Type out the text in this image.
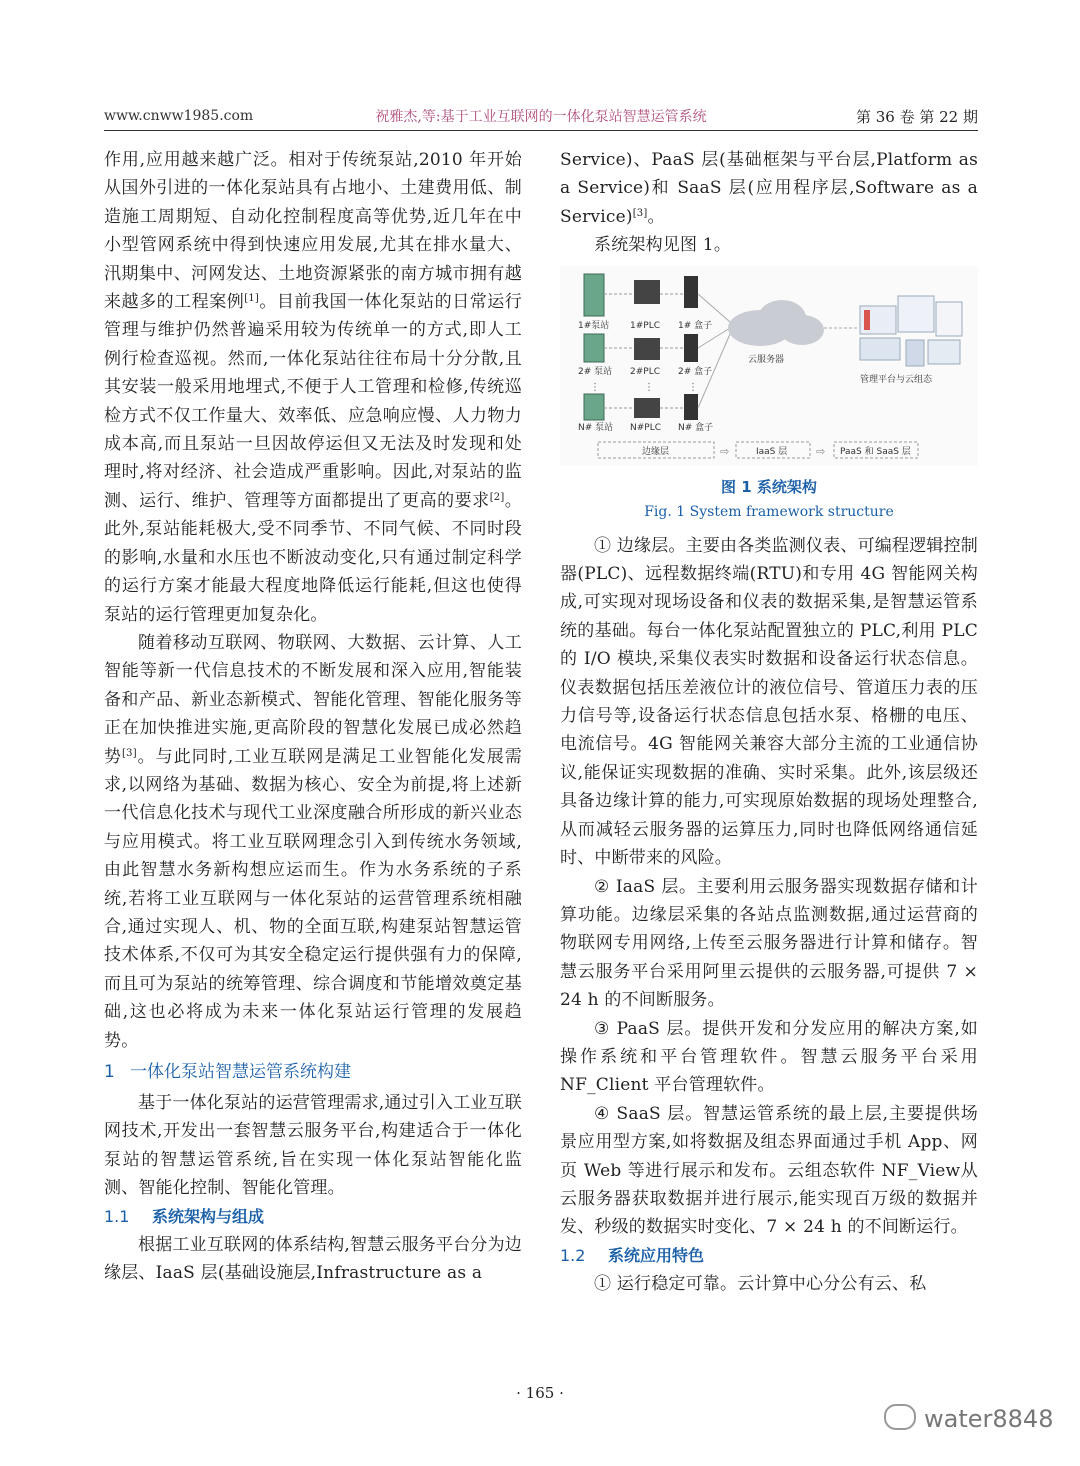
www.cnww1985.com	祝雅杰,等:基于工业互联网的一体化泵站智慧运管系统	第 36 卷 第 22 期

作用,应用越来越广泛。相对于传统泵站,2010 年开始从国外引进的一体化泵站具有占地小、土建费用低、制造施工周期短、自动化控制程度高等优势,近几年在中小型管网系统中得到快速应用发展,尤其在排水量大、汛期集中、河网发达、土地资源紧张的南方城市拥有越来越多的工程案例[1]。目前我国一体化泵站的日常运行管理与维护仍然普遍采用较为传统单一的方式,即人工例行检查巡视。然而,一体化泵站往往布局十分分散,且其安装一般采用地埋式,不便于人工管理和检修,传统巡检方式不仅工作量大、效率低、应急响应慢、人力物力成本高,而且泵站一旦因故停运但又无法及时发现和处理时,将对经济、社会造成严重影响。因此,对泵站的监测、运行、维护、管理等方面都提出了更高的要求[2]。此外,泵站能耗极大,受不同季节、不同气候、不同时段的影响,水量和水压也不断波动变化,只有通过制定科学的运行方案才能最大程度地降低运行能耗,但这也使得泵站的运行管理更加复杂化。

随着移动互联网、物联网、大数据、云计算、人工智能等新一代信息技术的不断发展和深入应用,智能装备和产品、新业态新模式、智能化管理、智能化服务等正在加快推进实施,更高阶段的智慧化发展已成必然趋势[3]。与此同时,工业互联网是满足工业智能化发展需求,以网络为基础、数据为核心、安全为前提,将上述新一代信息化技术与现代工业深度融合所形成的新兴业态与应用模式。将工业互联网理念引入到传统水务领域,由此智慧水务新构想应运而生。作为水务系统的子系统,若将工业互联网与一体化泵站的运营管理系统相融合,通过实现人、机、物的全面互联,构建泵站智慧运管技术体系,不仅可为其安全稳定运行提供强有力的保障,而且可为泵站的统筹管理、综合调度和节能增效奠定基础,这也必将成为未来一体化泵站运行管理的发展趋势。

1 一体化泵站智慧运管系统构建

基于一体化泵站的运营管理需求,通过引入工业互联网技术,开发出一套智慧云服务平台,构建适合于一体化泵站的智慧运管系统,旨在实现一体化泵站智能化监测、智能化控制、智能化管理。

1.1 系统架构与组成

根据工业互联网的体系结构,智慧云服务平台分为边缘层、IaaS 层(基础设施层,Infrastructure as a

Service)、PaaS 层(基础框架与平台层,Platform as a Service)和 SaaS 层(应用程序层,Software as a Service)[3]。

系统架构见图 1。

1#泵站 1#PLC 1# 盒子
2# 泵站 2#PLC 2# 盒子
⋮	⋮	⋮
N# 泵站 N#PLC N# 盒子
云服务器
管理平台与云组态
边缘层	⇨	IaaS 层	⇨ PaaS 和 SaaS 层
图 1 系统架构
Fig. 1 System framework structure

① 边缘层。主要由各类监测仪表、可编程逻辑控制器(PLC)、远程数据终端(RTU)和专用 4G 智能网关构成,可实现对现场设备和仪表的数据采集,是智慧运管系统的基础。每台一体化泵站配置独立的 PLC,利用 PLC 的 I/O 模块,采集仪表实时数据和设备运行状态信息。仪表数据包括压差液位计的液位信号、管道压力表的压力信号等,设备运行状态信息包括水泵、格栅的电压、电流信号。4G 智能网关兼容大部分主流的工业通信协议,能保证实现数据的准确、实时采集。此外,该层级还具备边缘计算的能力,可实现原始数据的现场处理整合,从而减轻云服务器的运算压力,同时也降低网络通信延时、中断带来的风险。

② IaaS 层。主要利用云服务器实现数据存储和计算功能。边缘层采集的各站点监测数据,通过运营商的物联网专用网络,上传至云服务器进行计算和储存。智慧云服务平台采用阿里云提供的云服务器,可提供 7 × 24 h 的不间断服务。

③ PaaS 层。提供开发和分发应用的解决方案,如操作系统和平台管理软件。智慧云服务平台采用 NF_Client 平台管理软件。

④ SaaS 层。智慧运管系统的最上层,主要提供场景应用型方案,如将数据及组态界面通过手机 App、网页 Web 等进行展示和发布。云组态软件 NF_View从云服务器获取数据并进行展示,能实现百万级的数据并发、秒级的数据实时变化、7 × 24 h 的不间断运行。

1.2 系统应用特色

① 运行稳定可靠。云计算中心分公有云、私

· 165 ·
water8848
